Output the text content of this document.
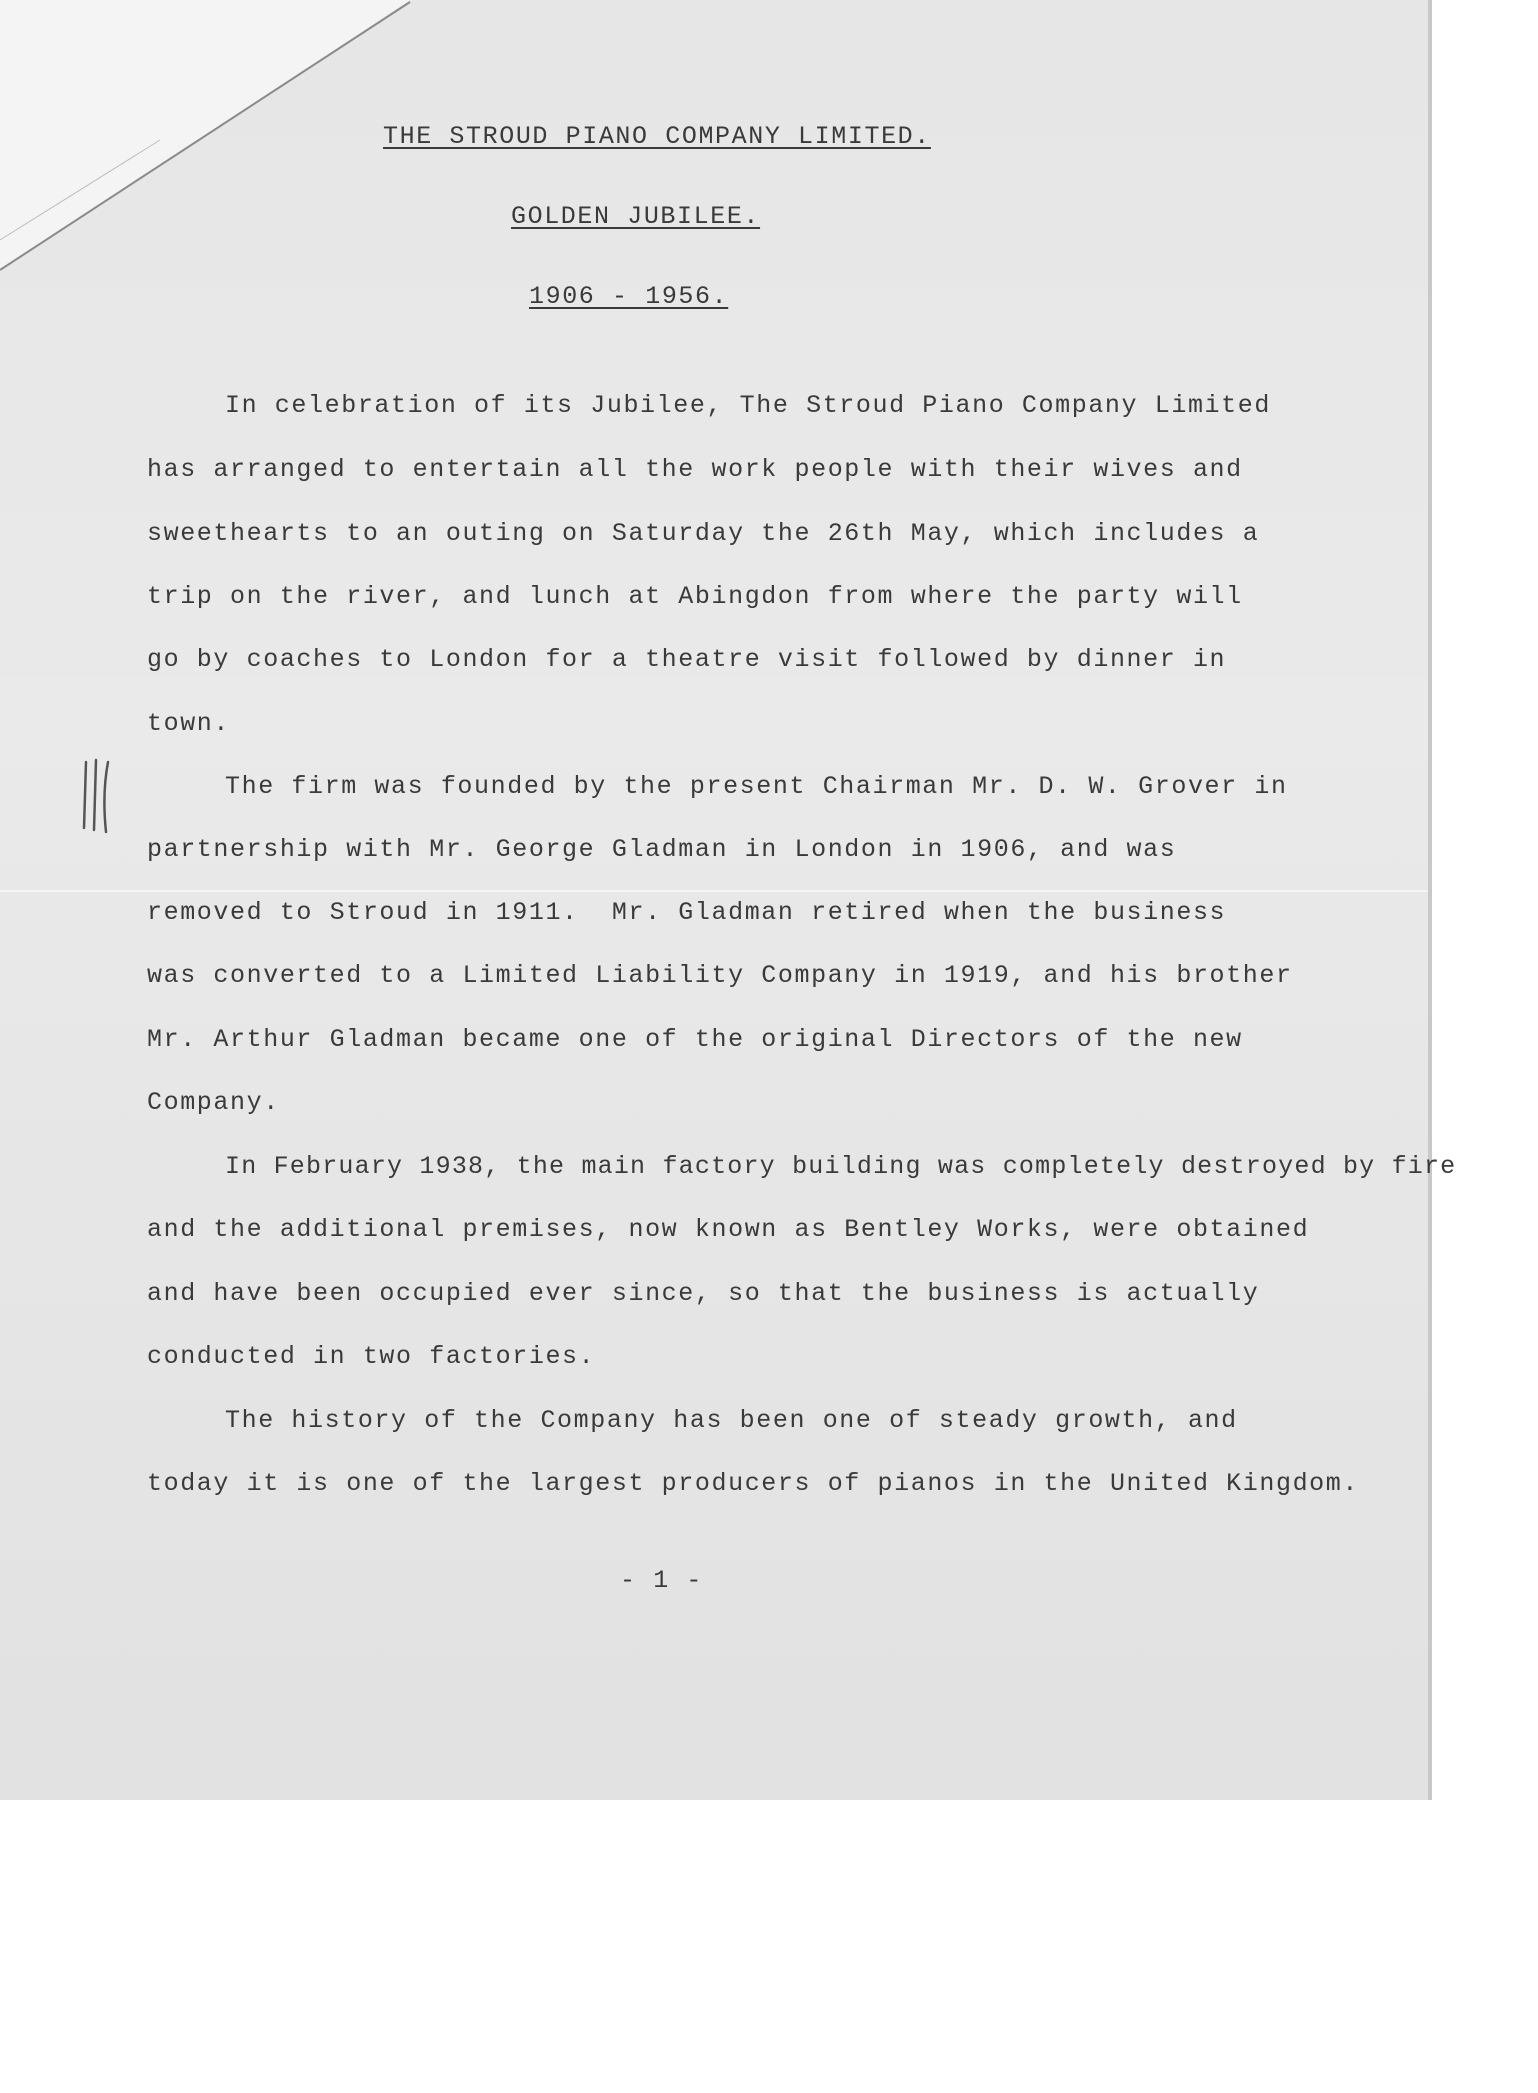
THE STROUD PIANO COMPANY LIMITED.

GOLDEN JUBILEE.

1906 - 1956.

In celebration of its Jubilee, The Stroud Piano Company Limited

has arranged to entertain all the work people with their wives and

sweethearts to an outing on Saturday the 26th May, which includes a

trip on the river, and lunch at Abingdon from where the party will

go by coaches to London for a theatre visit followed by dinner in

town.

The firm was founded by the present Chairman Mr. D. W. Grover in

partnership with Mr. George Gladman in London in 1906, and was

removed to Stroud in 1911.  Mr. Gladman retired when the business

was converted to a Limited Liability Company in 1919, and his brother

Mr. Arthur Gladman became one of the original Directors of the new

Company.

In February 1938, the main factory building was completely destroyed by fire

and the additional premises, now known as Bentley Works, were obtained

and have been occupied ever since, so that the business is actually

conducted in two factories.

The history of the Company has been one of steady growth, and

today it is one of the largest producers of pianos in the United Kingdom.

- 1 -
